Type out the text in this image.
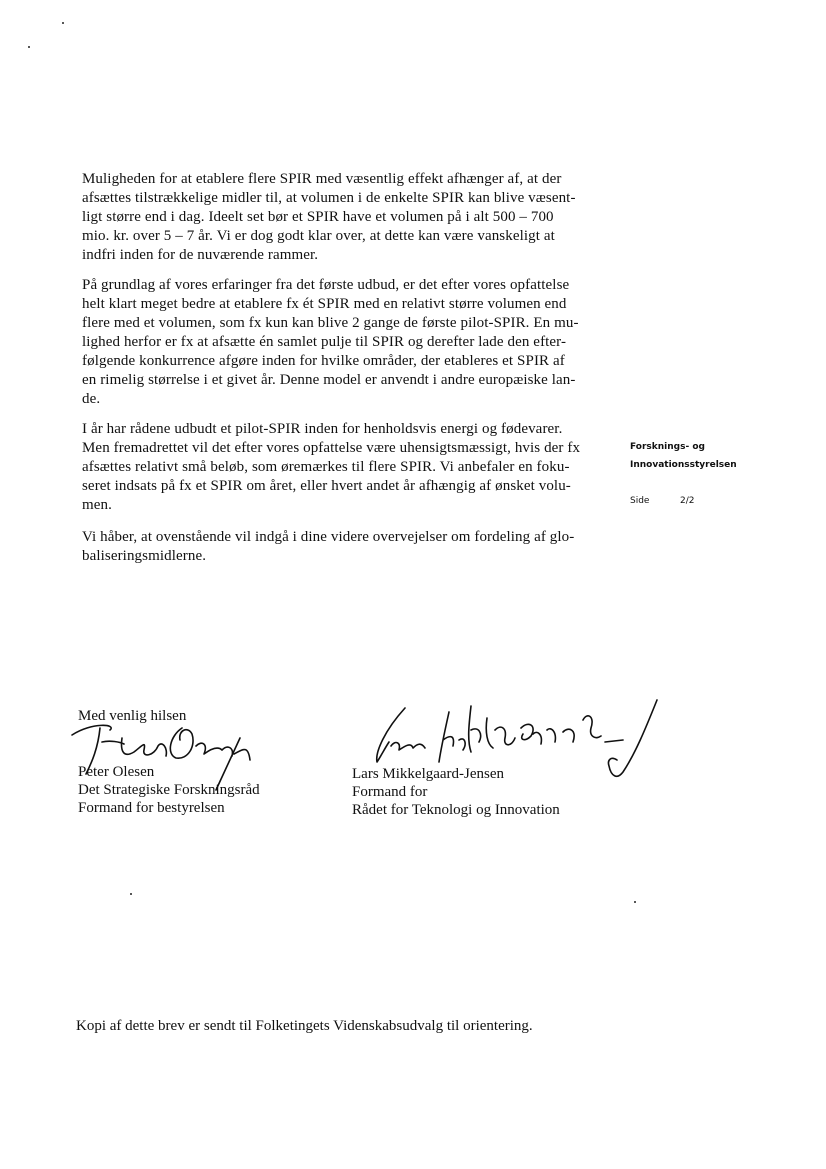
Muligheden for at etablere flere SPIR med væsentlig effekt afhænger af, at der
afsættes tilstrækkelige midler til, at volumen i de enkelte SPIR kan blive væsent-
ligt større end i dag. Ideelt set bør et SPIR have et volumen på i alt 500 – 700
mio. kr. over 5 – 7 år. Vi er dog godt klar over, at dette kan være vanskeligt at
indfri inden for de nuværende rammer.

På grundlag af vores erfaringer fra det første udbud, er det efter vores opfattelse
helt klart meget bedre at etablere fx ét SPIR med en relativt større volumen end
flere med et volumen, som fx kun kan blive 2 gange de første pilot-SPIR. En mu-
lighed herfor er fx at afsætte én samlet pulje til SPIR og derefter lade den efter-
følgende konkurrence afgøre inden for hvilke områder, der etableres et SPIR af
en rimelig størrelse i et givet år. Denne model er anvendt i andre europæiske lan-
de.

I år har rådene udbudt et pilot-SPIR inden for henholdsvis energi og fødevarer.
Men fremadrettet vil det efter vores opfattelse være uhensigtsmæssigt, hvis der fx
afsættes relativt små beløb, som øremærkes til flere SPIR. Vi anbefaler en foku-
seret indsats på fx et SPIR om året, eller hvert andet år afhængig af ønsket volu-
men.

Vi håber, at ovenstående vil indgå i dine videre overvejelser om fordeling af glo-
baliseringsmidlerne.

Forsknings- og
Innovationsstyrelsen
Side	2/2
Med venlig hilsen
Peter Olesen
Det Strategiske Forskningsråd
Formand for bestyrelsen
Lars Mikkelgaard-Jensen
Formand for
Rådet for Teknologi og Innovation
Kopi af dette brev er sendt til Folketingets Videnskabsudvalg til orientering.
